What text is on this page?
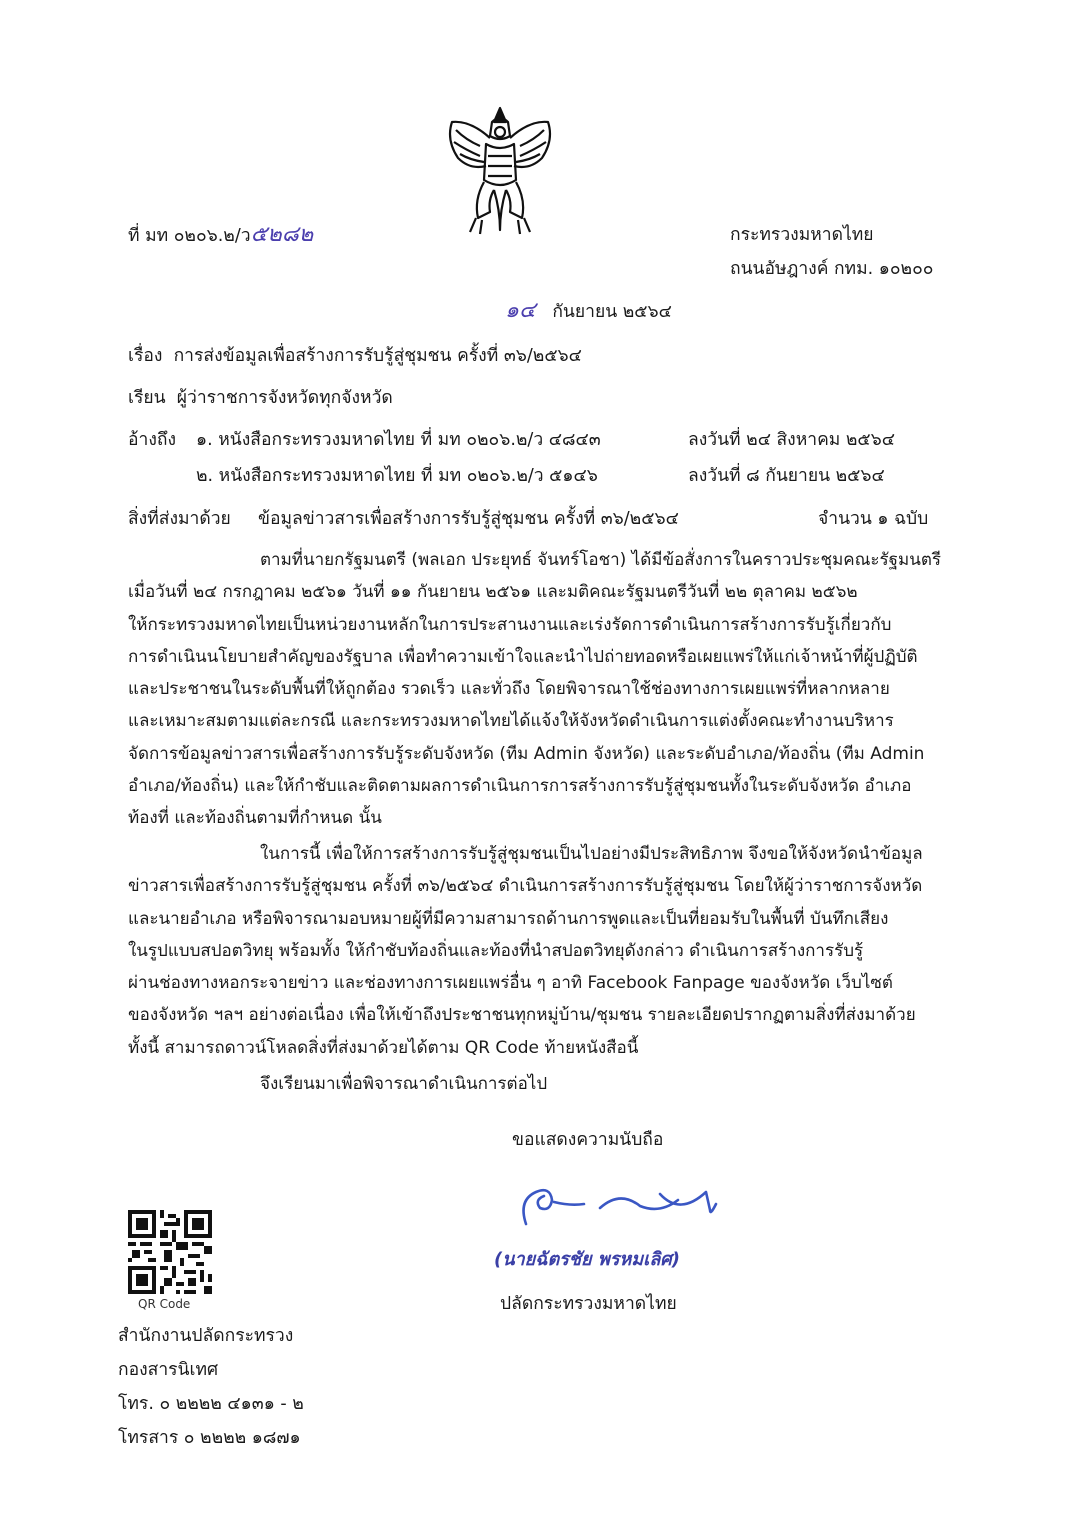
ที่ มท ๐๒๐๖.๒/ว๕๒๘๒	กระทรวงมหาดไทย
ถนนอัษฎางค์ กทม. ๑๐๒๐๐
๑๔ กันยายน ๒๕๖๔
เรื่อง การส่งข้อมูลเพื่อสร้างการรับรู้สู่ชุมชน ครั้งที่ ๓๖/๒๕๖๔
เรียน ผู้ว่าราชการจังหวัดทุกจังหวัด
อ้างถึง ๑. หนังสือกระทรวงมหาดไทย ที่ มท ๐๒๐๖.๒/ว ๔๘๔๓	ลงวันที่ ๒๔ สิงหาคม ๒๕๖๔
๒. หนังสือกระทรวงมหาดไทย ที่ มท ๐๒๐๖.๒/ว ๕๑๔๖	ลงวันที่ ๘ กันยายน ๒๕๖๔
สิ่งที่ส่งมาด้วย ข้อมูลข่าวสารเพื่อสร้างการรับรู้สู่ชุมชน ครั้งที่ ๓๖/๒๕๖๔	จำนวน ๑ ฉบับ
ตามที่นายกรัฐมนตรี (พลเอก ประยุทธ์ จันทร์โอชา) ได้มีข้อสั่งการในคราวประชุมคณะรัฐมนตรี
เมื่อวันที่ ๒๔ กรกฎาคม ๒๕๖๑ วันที่ ๑๑ กันยายน ๒๕๖๑ และมติคณะรัฐมนตรีวันที่ ๒๒ ตุลาคม ๒๕๖๒
ให้กระทรวงมหาดไทยเป็นหน่วยงานหลักในการประสานงานและเร่งรัดการดำเนินการสร้างการรับรู้เกี่ยวกับ
การดำเนินนโยบายสำคัญของรัฐบาล เพื่อทำความเข้าใจและนำไปถ่ายทอดหรือเผยแพร่ให้แก่เจ้าหน้าที่ผู้ปฏิบัติ
และประชาชนในระดับพื้นที่ให้ถูกต้อง รวดเร็ว และทั่วถึง โดยพิจารณาใช้ช่องทางการเผยแพร่ที่หลากหลาย
และเหมาะสมตามแต่ละกรณี และกระทรวงมหาดไทยได้แจ้งให้จังหวัดดำเนินการแต่งตั้งคณะทำงานบริหาร
จัดการข้อมูลข่าวสารเพื่อสร้างการรับรู้ระดับจังหวัด (ทีม Admin จังหวัด) และระดับอำเภอ/ท้องถิ่น (ทีม Admin
อำเภอ/ท้องถิ่น) และให้กำชับและติดตามผลการดำเนินการการสร้างการรับรู้สู่ชุมชนทั้งในระดับจังหวัด อำเภอ
ท้องที่ และท้องถิ่นตามที่กำหนด นั้น
ในการนี้ เพื่อให้การสร้างการรับรู้สู่ชุมชนเป็นไปอย่างมีประสิทธิภาพ จึงขอให้จังหวัดนำข้อมูล
ข่าวสารเพื่อสร้างการรับรู้สู่ชุมชน ครั้งที่ ๓๖/๒๕๖๔ ดำเนินการสร้างการรับรู้สู่ชุมชน โดยให้ผู้ว่าราชการจังหวัด
และนายอำเภอ หรือพิจารณามอบหมายผู้ที่มีความสามารถด้านการพูดและเป็นที่ยอมรับในพื้นที่ บันทึกเสียง
ในรูปแบบสปอตวิทยุ พร้อมทั้ง ให้กำชับท้องถิ่นและท้องที่นำสปอตวิทยุดังกล่าว ดำเนินการสร้างการรับรู้
ผ่านช่องทางหอกระจายข่าว และช่องทางการเผยแพร่อื่น ๆ อาทิ Facebook Fanpage ของจังหวัด เว็บไซต์
ของจังหวัด ฯลฯ อย่างต่อเนื่อง เพื่อให้เข้าถึงประชาชนทุกหมู่บ้าน/ชุมชน รายละเอียดปรากฏตามสิ่งที่ส่งมาด้วย
ทั้งนี้ สามารถดาวน์โหลดสิ่งที่ส่งมาด้วยได้ตาม QR Code ท้ายหนังสือนี้
จึงเรียนมาเพื่อพิจารณาดำเนินการต่อไป
ขอแสดงความนับถือ
(นายฉัตรชัย พรหมเลิศ)
ปลัดกระทรวงมหาดไทย
QR Code
สำนักงานปลัดกระทรวง
กองสารนิเทศ
โทร. ๐ ๒๒๒๒ ๔๑๓๑ - ๒
โทรสาร ๐ ๒๒๒๒ ๑๘๗๑
